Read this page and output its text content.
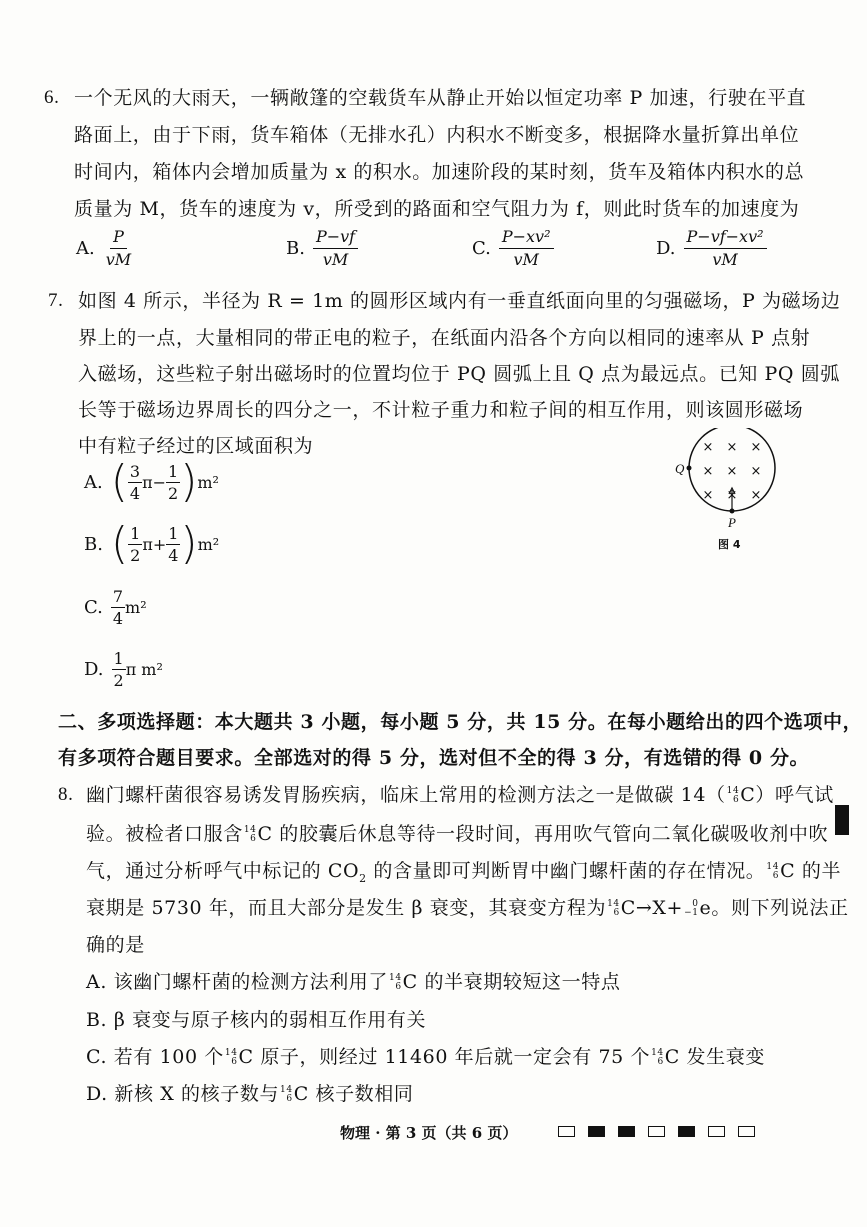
6. 一个无风的大雨天，一辆敞篷的空载货车从静止开始以恒定功率 P 加速，行驶在平直
路面上，由于下雨，货车箱体（无排水孔）内积水不断变多，根据降水量折算出单位
时间内，箱体内会增加质量为 x 的积水。加速阶段的某时刻，货车及箱体内积水的总
质量为 M，货车的速度为 v，所受到的路面和空气阻力为 f，则此时货车的加速度为
A. $\frac{P}{vM}$	B. $\frac{P-vf}{vM}$	C. $\frac{\text{P−xv²}}{vM}$	D. $\frac{\text{P−vf−xv²}}{vM}$
7. 如图 4 所示，半径为 R = 1m 的圆形区域内有一垂直纸面向里的匀强磁场，P 为磁场边
界上的一点，大量相同的带正电的粒子，在纸面内沿各个方向以相同的速率从 P 点射
入磁场，这些粒子射出磁场时的位置均位于 PQ 圆弧上且 Q 点为最远点。已知 PQ 圆弧
长等于磁场边界周长的四分之一，不计粒子重力和粒子间的相互作用，则该圆形磁场
中有粒子经过的区域面积为
A. ( $\frac{3}{4} \pi- \frac{1}{2}$ ) m²
B. ( $\frac{1}{2} \pi+ \frac{1}{4}$ ) m²
C. $\frac{7}{4} m^2$
D. $\frac{1}{2}$ π m²
× × ×
× × ×
× × ×
Q
P
图 4
二、多项选择题：本大题共 3 小题，每小题 5 分，共 15 分。在每小题给出的四个选项中，
有多项符合题目要求。全部选对的得 5 分，选对但不全的得 3 分，有选错的得 0 分。
8. 幽门螺杆菌很容易诱发胃肠疾病，临床上常用的检测方法之一是做碳 14（ 14
6 C）呼气试
验。被检者口服含 14
6 C 的胶囊后休息等待一段时间，再用吹气管向二氧化碳吸收剂中吹
气，通过分析呼气中标记的 $CO_2$ 的含量即可判断胃中幽门螺杆菌的存在情况。 14
6 C 的半
衰期是 5730 年，而且大部分是发生 β 衰变，其衰变方程为 14
6 C→X+	0
−1 e。则下列说法正
确的是
A. 该幽门螺杆菌的检测方法利用了 14
6 C 的半衰期较短这一特点
B. β 衰变与原子核内的弱相互作用有关
C. 若有 100 个 14
6 C 原子，则经过 11460 年后就一定会有 75 个 14
6 C 发生衰变
D. 新核 X 的核子数与 14
6 C 核子数相同
物理 · 第 3 页（共 6 页）
